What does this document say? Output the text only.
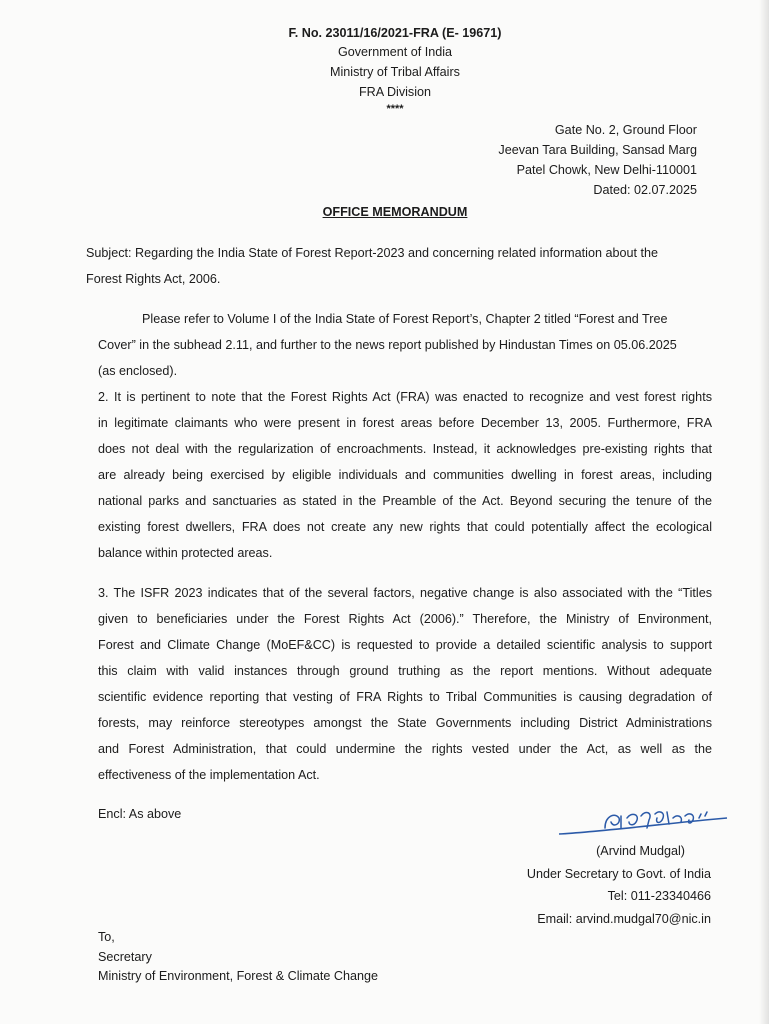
F. No. 23011/16/2021-FRA (E- 19671)
Government of India
Ministry of Tribal Affairs
FRA Division
****
Gate No. 2, Ground Floor
Jeevan Tara Building, Sansad Marg
Patel Chowk, New Delhi-110001
Dated: 02.07.2025
OFFICE MEMORANDUM
Subject: Regarding the India State of Forest Report-2023 and concerning related information about the
Forest Rights Act, 2006.
Please refer to Volume I of the India State of Forest Report’s, Chapter 2 titled “Forest and Tree
Cover” in the subhead 2.11, and further to the news report published by Hindustan Times on 05.06.2025
(as enclosed).
2. It is pertinent to note that the Forest Rights Act (FRA) was enacted to recognize and vest forest rights
in legitimate claimants who were present in forest areas before December 13, 2005. Furthermore, FRA
does not deal with the regularization of encroachments. Instead, it acknowledges pre-existing rights that
are already being exercised by eligible individuals and communities dwelling in forest areas, including
national parks and sanctuaries as stated in the Preamble of the Act. Beyond securing the tenure of the
existing forest dwellers, FRA does not create any new rights that could potentially affect the ecological
balance within protected areas.
3. The ISFR 2023 indicates that of the several factors, negative change is also associated with the “Titles
given to beneficiaries under the Forest Rights Act (2006).” Therefore, the Ministry of Environment,
Forest and Climate Change (MoEF&CC) is requested to provide a detailed scientific analysis to support
this claim with valid instances through ground truthing as the report mentions. Without adequate
scientific evidence reporting that vesting of FRA Rights to Tribal Communities is causing degradation of
forests, may reinforce stereotypes amongst the State Governments including District Administrations
and Forest Administration, that could undermine the rights vested under the Act, as well as the
effectiveness of the implementation Act.
Encl: As above
(Arvind Mudgal)
Under Secretary to Govt. of India
Tel: 011-23340466
Email: arvind.mudgal70@nic.in
To,
Secretary
Ministry of Environment, Forest & Climate Change
